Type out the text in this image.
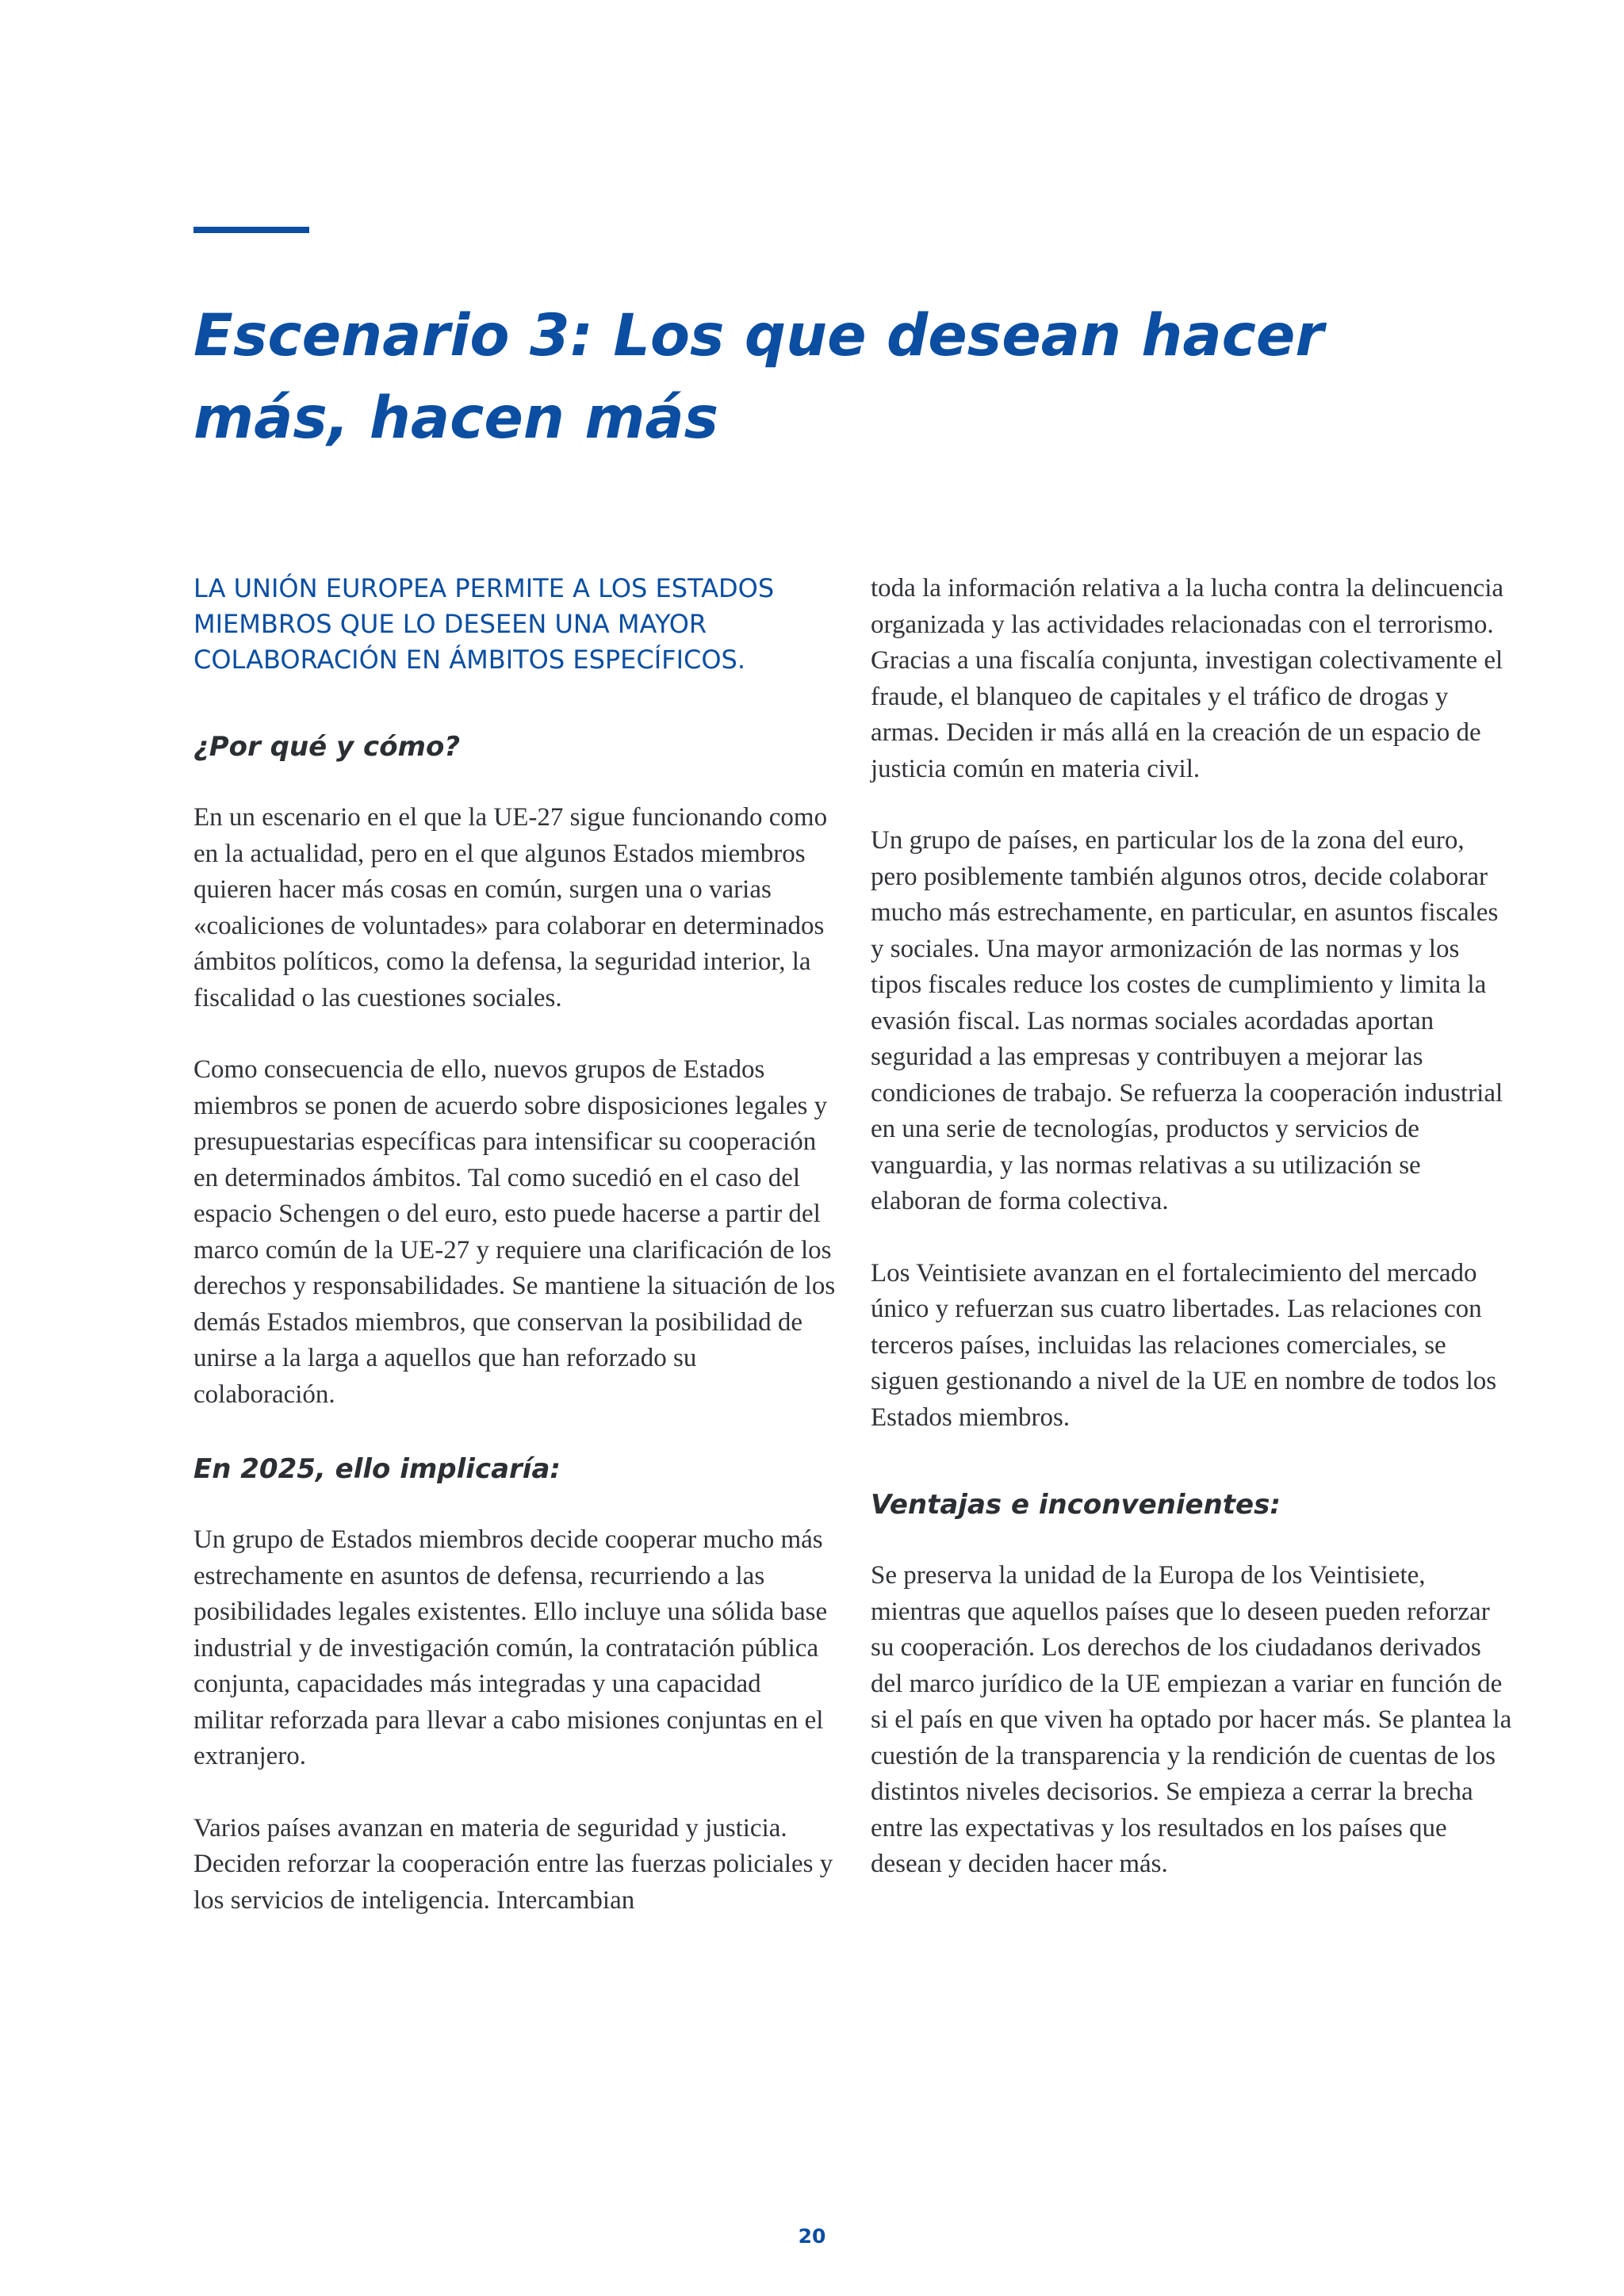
Escenario 3: Los que desean hacer más, hacen más

LA UNIÓN EUROPEA PERMITE A LOS ESTADOS MIEMBROS QUE LO DESEEN UNA MAYOR COLABORACIÓN EN ÁMBITOS ESPECÍFICOS.

¿Por qué y cómo?

En un escenario en el que la UE-27 sigue funcionando como en la actualidad, pero en el que algunos Estados miembros quieren hacer más cosas en común, surgen una o varias «coaliciones de voluntades» para colaborar en determinados ámbitos políticos, como la defensa, la seguridad interior, la fiscalidad o las cuestiones sociales.

Como consecuencia de ello, nuevos grupos de Estados miembros se ponen de acuerdo sobre disposiciones legales y presupuestarias específicas para intensificar su cooperación en determinados ámbitos. Tal como sucedió en el caso del espacio Schengen o del euro, esto puede hacerse a partir del marco común de la UE-27 y requiere una clarificación de los derechos y responsabilidades. Se mantiene la situación de los demás Estados miembros, que conservan la posibilidad de unirse a la larga a aquellos que han reforzado su colaboración.

En 2025, ello implicaría:

Un grupo de Estados miembros decide cooperar mucho más estrechamente en asuntos de defensa, recurriendo a las posibilidades legales existentes. Ello incluye una sólida base industrial y de investigación común, la contratación pública conjunta, capacidades más integradas y una capacidad militar reforzada para llevar a cabo misiones conjuntas en el extranjero.

Varios países avanzan en materia de seguridad y justicia. Deciden reforzar la cooperación entre las fuerzas policiales y los servicios de inteligencia. Intercambian

toda la información relativa a la lucha contra la delincuencia organizada y las actividades relacionadas con el terrorismo. Gracias a una fiscalía conjunta, investigan colectivamente el fraude, el blanqueo de capitales y el tráfico de drogas y armas. Deciden ir más allá en la creación de un espacio de justicia común en materia civil.

Un grupo de países, en particular los de la zona del euro, pero posiblemente también algunos otros, decide colaborar mucho más estrechamente, en particular, en asuntos fiscales y sociales. Una mayor armonización de las normas y los tipos fiscales reduce los costes de cumplimiento y limita la evasión fiscal. Las normas sociales acordadas aportan seguridad a las empresas y contribuyen a mejorar las condiciones de trabajo. Se refuerza la cooperación industrial en una serie de tecnologías, productos y servicios de vanguardia, y las normas relativas a su utilización se elaboran de forma colectiva.

Los Veintisiete avanzan en el fortalecimiento del mercado único y refuerzan sus cuatro libertades. Las relaciones con terceros países, incluidas las relaciones comerciales, se siguen gestionando a nivel de la UE en nombre de todos los Estados miembros.

Ventajas e inconvenientes:

Se preserva la unidad de la Europa de los Veintisiete, mientras que aquellos países que lo deseen pueden reforzar su cooperación. Los derechos de los ciudadanos derivados del marco jurídico de la UE empiezan a variar en función de si el país en que viven ha optado por hacer más. Se plantea la cuestión de la transparencia y la rendición de cuentas de los distintos niveles decisorios. Se empieza a cerrar la brecha entre las expectativas y los resultados en los países que desean y deciden hacer más.

20
